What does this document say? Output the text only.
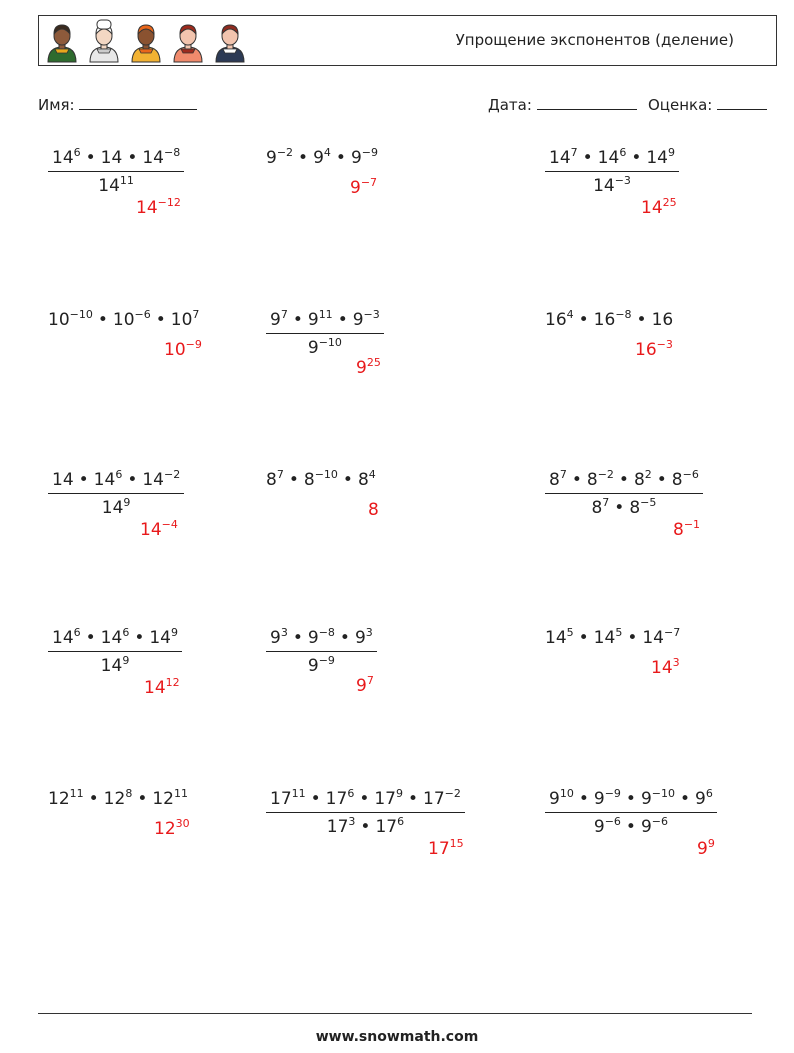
Упрощение экспонентов (деление)
Имя:	Дата:	Оценка:
$\frac{14^6 • 14 • 14^{-8}}{14^{11}}$
$14^{-12}$
$9^{-2}$ • $9^4$ • $9^{-9}$
$9^{-7}$	$\frac{14^7 • 14^6 • 14^9}{14^{-3}}$
$14^{25}$
$10^{-10}$ • $10^{-6}$ • $10^7$
$10^{-9}$	$\frac{9^7 • 9^{11} • 9^{-3}}{9^{-10}}$
$9^{25}$
$16^4$ • $16^{-8}$ • 16
$16^{-3}$
$\frac{14 • 14^6 • 14^{-2}}{14^9}$
$14^{-4}$
$8^7$ • $8^{-10}$ • $8^4$
8	$\frac{8^7 • 8^{-2} • 8^2 • 8^{-6}}{8^7 • 8^{-5}}$
$8^{-1}$
$\frac{14^6 • 14^6 • 14^9}{14^9}$
$14^{12}$
$\frac{9^3 • 9^{-8} • 9^3}{9^{-9}}$
$9^7$
$14^5$ • $14^5$ • $14^{-7}$
$14^3$
$12^{11}$ • $12^8$ • $12^{11}$
$12^{30}$	$\frac{17^{11} • 17^6 • 17^9 • 17^{-2}}{17^3 • 17^6}$
$17^{15}$
$\frac{9^{10} • 9^{-9} • 9^{-10} • 9^6}{9^{-6} • 9^{-6}}$
$9^9$
www.snowmath.com
